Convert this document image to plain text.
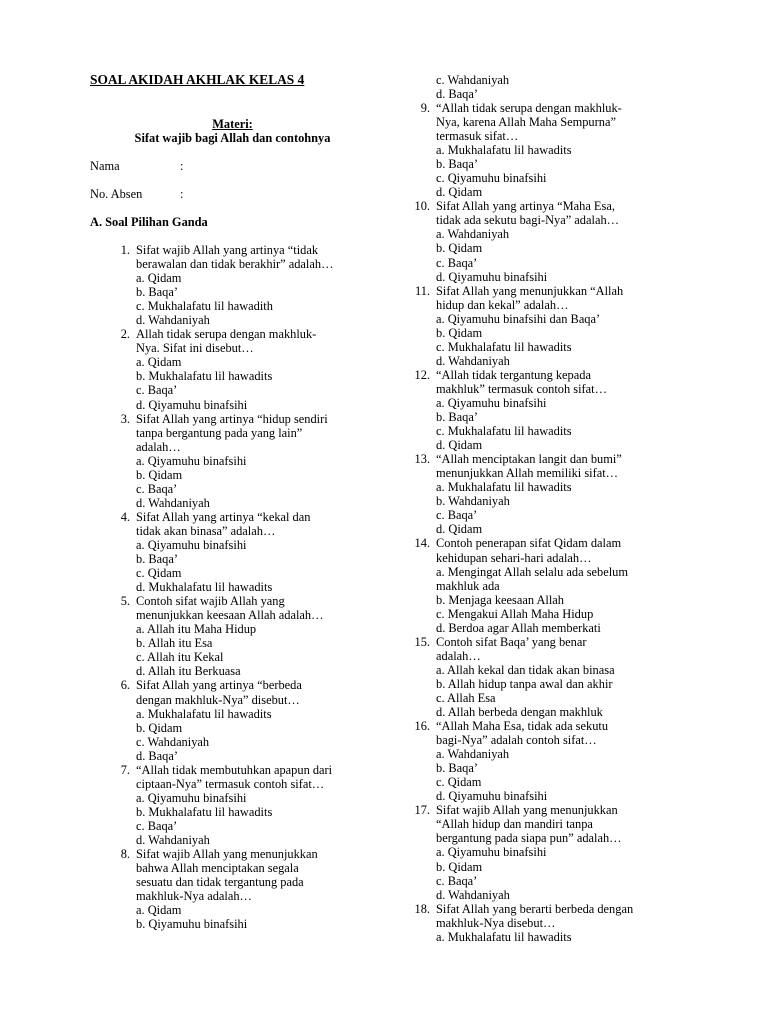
SOAL AKIDAH AKHLAK KELAS 4
Materi:
Sifat wajib bagi Allah dan contohnya
Nama	:
No. Absen	:
A. Soal Pilihan Ganda
1. Sifat wajib Allah yang artinya “tidak
berawalan dan tidak berakhir” adalah…
a. Qidam
b. Baqa’
c. Mukhalafatu lil hawadith
d. Wahdaniyah
2. Allah tidak serupa dengan makhluk-
Nya. Sifat ini disebut…
a. Qidam
b. Mukhalafatu lil hawadits
c. Baqa’
d. Qiyamuhu binafsihi
3. Sifat Allah yang artinya “hidup sendiri
tanpa bergantung pada yang lain”
adalah…
a. Qiyamuhu binafsihi
b. Qidam
c. Baqa’
d. Wahdaniyah
4. Sifat Allah yang artinya “kekal dan
tidak akan binasa” adalah…
a. Qiyamuhu binafsihi
b. Baqa’
c. Qidam
d. Mukhalafatu lil hawadits
5. Contoh sifat wajib Allah yang
menunjukkan keesaan Allah adalah…
a. Allah itu Maha Hidup
b. Allah itu Esa
c. Allah itu Kekal
d. Allah itu Berkuasa
6. Sifat Allah yang artinya “berbeda
dengan makhluk-Nya” disebut…
a. Mukhalafatu lil hawadits
b. Qidam
c. Wahdaniyah
d. Baqa’
7. “Allah tidak membutuhkan apapun dari
ciptaan-Nya” termasuk contoh sifat…
a. Qiyamuhu binafsihi
b. Mukhalafatu lil hawadits
c. Baqa’
d. Wahdaniyah
8. Sifat wajib Allah yang menunjukkan
bahwa Allah menciptakan segala
sesuatu dan tidak tergantung pada
makhluk-Nya adalah…
a. Qidam
b. Qiyamuhu binafsihi
c. Wahdaniyah
d. Baqa’
9. “Allah tidak serupa dengan makhluk-
Nya, karena Allah Maha Sempurna”
termasuk sifat…
a. Mukhalafatu lil hawadits
b. Baqa’
c. Qiyamuhu binafsihi
d. Qidam
10. Sifat Allah yang artinya “Maha Esa,
tidak ada sekutu bagi-Nya” adalah…
a. Wahdaniyah
b. Qidam
c. Baqa’
d. Qiyamuhu binafsihi
11. Sifat Allah yang menunjukkan “Allah
hidup dan kekal” adalah…
a. Qiyamuhu binafsihi dan Baqa’
b. Qidam
c. Mukhalafatu lil hawadits
d. Wahdaniyah
12. “Allah tidak tergantung kepada
makhluk” termasuk contoh sifat…
a. Qiyamuhu binafsihi
b. Baqa’
c. Mukhalafatu lil hawadits
d. Qidam
13. “Allah menciptakan langit dan bumi”
menunjukkan Allah memiliki sifat…
a. Mukhalafatu lil hawadits
b. Wahdaniyah
c. Baqa’
d. Qidam
14. Contoh penerapan sifat Qidam dalam
kehidupan sehari-hari adalah…
a. Mengingat Allah selalu ada sebelum
makhluk ada
b. Menjaga keesaan Allah
c. Mengakui Allah Maha Hidup
d. Berdoa agar Allah memberkati
15. Contoh sifat Baqa’ yang benar
adalah…
a. Allah kekal dan tidak akan binasa
b. Allah hidup tanpa awal dan akhir
c. Allah Esa
d. Allah berbeda dengan makhluk
16. “Allah Maha Esa, tidak ada sekutu
bagi-Nya” adalah contoh sifat…
a. Wahdaniyah
b. Baqa’
c. Qidam
d. Qiyamuhu binafsihi
17. Sifat wajib Allah yang menunjukkan
“Allah hidup dan mandiri tanpa
bergantung pada siapa pun” adalah…
a. Qiyamuhu binafsihi
b. Qidam
c. Baqa’
d. Wahdaniyah
18. Sifat Allah yang berarti berbeda dengan
makhluk-Nya disebut…
a. Mukhalafatu lil hawadits
